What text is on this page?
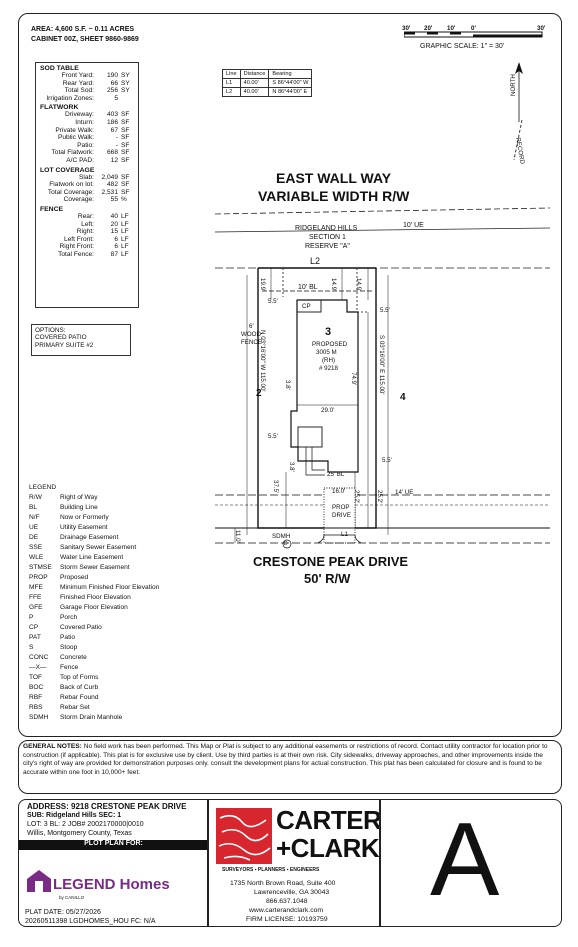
AREA: 4,600 S.F. ~ 0.11 ACRES
CABINET 00Z, SHEET 9860-9869
30' 20' 10'	0'	30'
GRAPHIC SCALE: 1" = 30'
NORTH
RECORD
SOD TABLE
Front Yard:	190 SY
Rear Yard:	66 SY
Total Sod:	256 SY
Irrigation Zones:	5
FLATWORK
Driveway:	403 SF
Inturn:	186 SF
Private Walk:	67 SF
Public Walk:	- SF
Patio:	- SF
Total Flatwork:	668 SF
A/C PAD:	12 SF
LOT COVERAGE
Slab:	2,049 SF
Flatwork on lot:	482 SF
Total Coverage:	2,531 SF
Coverage:	55 %
FENCE
Rear:	40 LF
Left:	20 LF
Right:	15 LF
Left Front:	6 LF
Right Front:	6 LF
Total Fence:	87 LF
OPTIONS:
COVERED PATIO
PRIMARY SUITE #2
Line	Distance	Bearing
L1	40.00'	S 86°44'00" W
L2	40.00'	N 86°44'00" E
EAST WALL WAY
VARIABLE WIDTH R/W
10' UE
RIDGELAND HILLS
SECTION 1
RESERVE "A"
L2
10' BL
CP
3
PROPOSED
3005 M
(RH)
# 9218
2	4
6'
WOOD
FENCE
N 03°16'00" W 115.00'	S 03°16'00" E 115.00'
29.0'
74.9'
3.8'
3.8'
19.9'	14.9'	14.9'
5.5'
5.5'
5.5'
5.5'
37.5'
25' BL
16.0' 25.2'	25.2' 14' UE
PROP
DRIVE
L1
11.0'	SDMH
D
CRESTONE PEAK DRIVE
50' R/W
LEGEND
R/W	Right of Way
BL	Building Line
N/F	Now or Formerly
UE	Utility Easement
DE	Drainage Easement
SSE	Sanitary Sewer Easement
WLE	Water Line Easement
STMSE	Storm Sewer Easement
PROP	Proposed
MFE	Minimum Finished Floor Elevation
FFE	Finished Floor Elevation
GFE	Garage Floor Elevation
P	Porch
CP	Covered Patio
PAT	Patio
S	Stoop
CONC	Concrete
—X—	Fence
TOF	Top of Forms
BOC	Back of Curb
RBF	Rebar Found
RBS	Rebar Set
SDMH	Storm Drain Manhole
GENERAL NOTES: No field work has been performed. This Map or Plat is subject to any additional easements or restrictions of record. Contact utility contractor for location prior to construction (if applicable). This plat is for exclusive use by client. Use by third parties is at their own risk. City sidewalks, driveway approaches, and other improvements inside the city's right of way are provided for demonstration purposes only. consult the development plans for actual construction. This plat has been calculated for closure and is found to be accurate within one foot in 10,000+ feet.
ADDRESS: 9218 CRESTONE PEAK DRIVE
SUB: Ridgeland Hills SEC: 1
LOT: 3 BL: 2 JOB# 2002170000|0010
Willis, Montgomery County, Texas
PLOT PLAN FOR:
LEGEND Homes
by CANILLO
PLAT DATE: 05/27/2026
20260511398 LGDHOMES_HOU FC: N/A
CARTER
+CLARK
SURVEYORS ▪ PLANNERS ▪ ENGINEERS
1735 North Brown Road, Suite 400
Lawrenceville, GA 30043
866.637.1048
www.carterandclark.com
FIRM LICENSE: 10193759
A
